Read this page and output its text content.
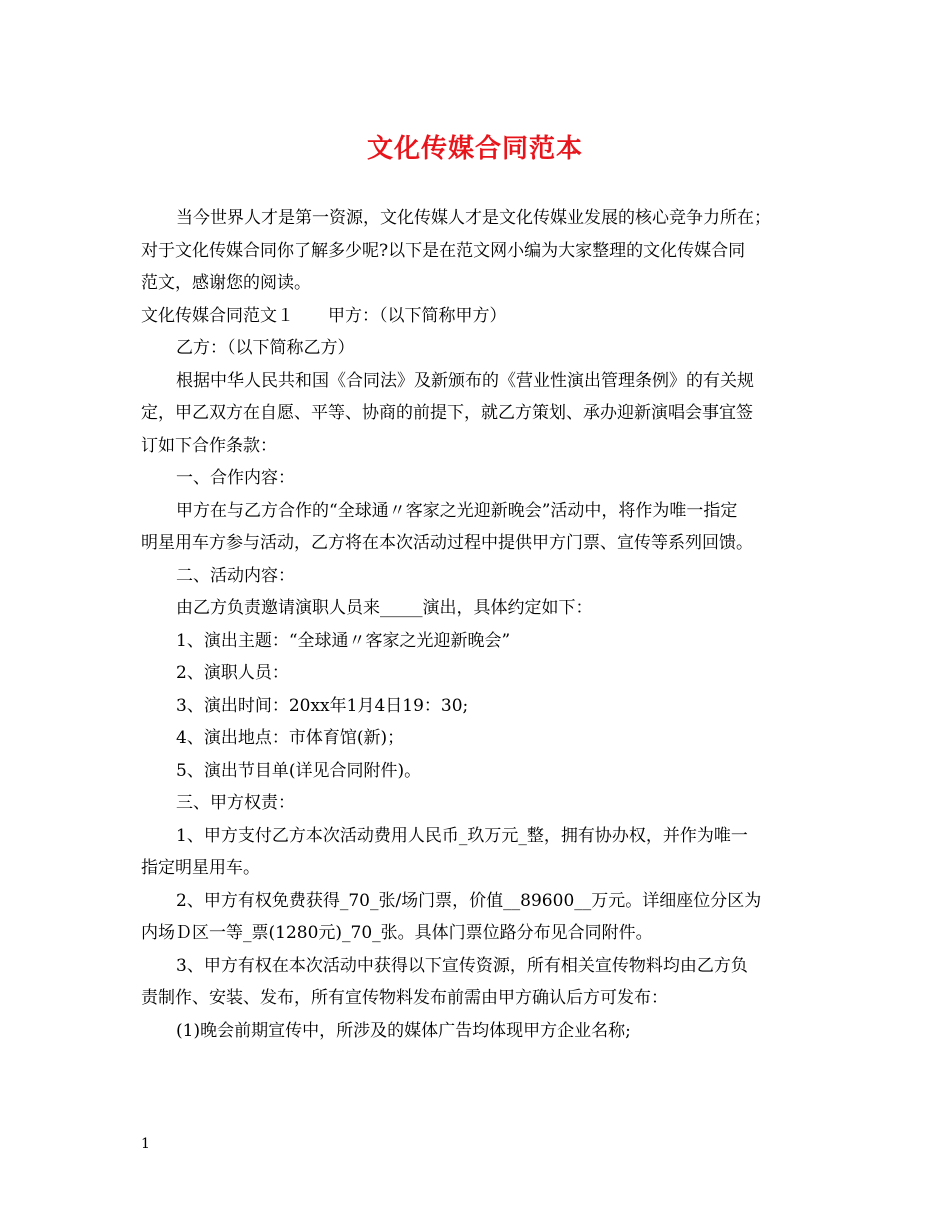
文化传媒合同范本

当今世界人才是第一资源，文化传媒人才是文化传媒业发展的核心竞争力所在；

对于文化传媒合同你了解多少呢?以下是在范文网小编为大家整理的文化传媒合同

范文，感谢您的阅读。

文化传媒合同范文１　　甲方：（以下简称甲方）

乙方：（以下简称乙方）

根据中华人民共和国《合同法》及新颁布的《营业性演出管理条例》的有关规

定，甲乙双方在自愿、平等、协商的前提下，就乙方策划、承办迎新演唱会事宜签

订如下合作条款：

一、合作内容：

甲方在与乙方合作的“全球通〃客家之光迎新晚会”活动中，将作为唯一指定

明星用车方参与活动，乙方将在本次活动过程中提供甲方门票、宣传等系列回馈。

二、活动内容：

由乙方负责邀请演职人员来_____演出，具体约定如下：

1、演出主题：“全球通〃客家之光迎新晚会”

2、演职人员：

3、演出时间：20xx年1月4日19：30;

4、演出地点：市体育馆(新)；

5、演出节目单(详见合同附件)。

三、甲方权责：

1、甲方支付乙方本次活动费用人民币_玖万元_整，拥有协办权，并作为唯一

指定明星用车。

2、甲方有权免费获得_70_张/场门票，价值__89600__万元。详细座位分区为

内场Ｄ区一等_票(1280元)_70_张。具体门票位路分布见合同附件。

3、甲方有权在本次活动中获得以下宣传资源，所有相关宣传物料均由乙方负

责制作、安装、发布，所有宣传物料发布前需由甲方确认后方可发布：

(1)晚会前期宣传中，所涉及的媒体广告均体现甲方企业名称;

1
